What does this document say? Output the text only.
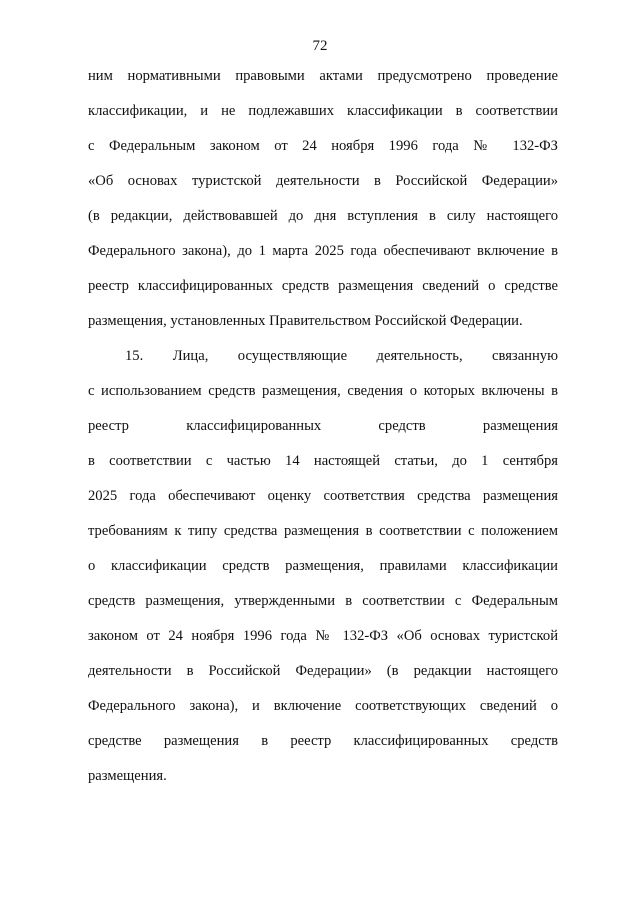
72
ним нормативными правовыми актами предусмотрено проведение
классификации, и не подлежавших классификации в соответствии
с Федеральным законом от 24 ноября 1996 года № 132-ФЗ
«Об основах туристской деятельности в Российской Федерации»
(в редакции, действовавшей до дня вступления в силу настоящего
Федерального закона), до 1 марта 2025 года обеспечивают включение в
реестр классифицированных средств размещения сведений о средстве
размещения, установленных Правительством Российской Федерации.
15. Лица, осуществляющие деятельность, связанную
с использованием средств размещения, сведения о которых включены в
реестр классифицированных средств размещения
в соответствии с частью 14 настоящей статьи, до 1 сентября
2025 года обеспечивают оценку соответствия средства размещения
требованиям к типу средства размещения в соответствии с положением
о классификации средств размещения, правилами классификации
средств размещения, утвержденными в соответствии с Федеральным
законом от 24 ноября 1996 года № 132-ФЗ «Об основах туристской
деятельности в Российской Федерации» (в редакции настоящего
Федерального закона), и включение соответствующих сведений о
средстве размещения в реестр классифицированных средств
размещения.
